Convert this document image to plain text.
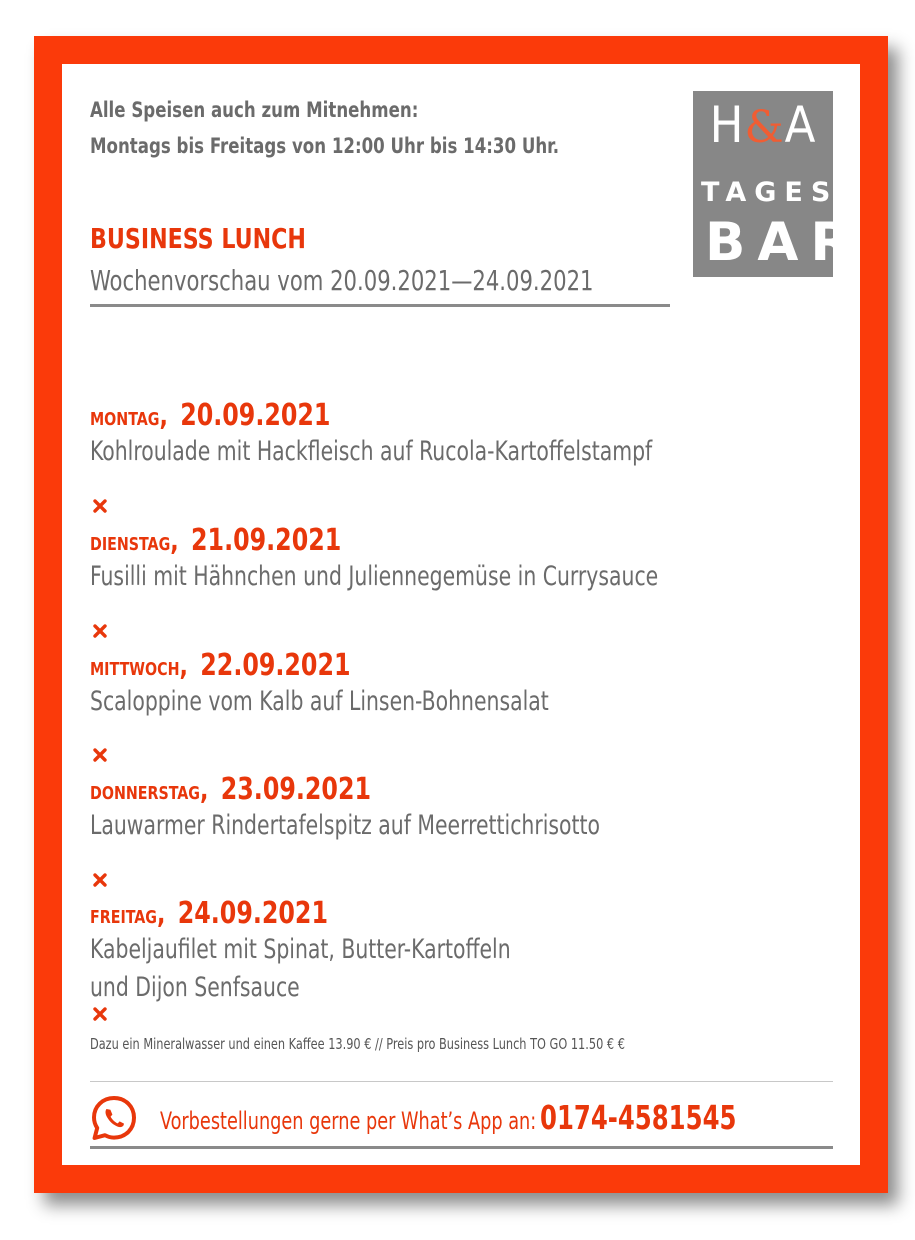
Alle Speisen auch zum Mitnehmen:
Montags bis Freitags von 12:00 Uhr bis 14:30 Uhr.

BUSINESS LUNCH

Wochenvorschau vom 20.09.2021—24.09.2021

H&A
TAGES
BAR
MONTAG, 20.09.2021
Kohlroulade mit Hackfleisch auf Rucola-Kartoffelstampf
DIENSTAG, 21.09.2021
Fusilli mit Hähnchen und Juliennegemüse in Currysauce
MITTWOCH, 22.09.2021
Scaloppine vom Kalb auf Linsen-Bohnensalat
DONNERSTAG, 23.09.2021
Lauwarmer Rindertafelspitz auf Meerrettichrisotto
FREITAG, 24.09.2021
Kabeljaufilet mit Spinat, Butter-Kartoffeln
und Dijon Senfsauce

Dazu ein Mineralwasser und einen Kaffee 13.90 € // Preis pro Business Lunch TO GO 11.50 € €

Vorbestellungen gerne per What’s App an: 0174-4581545
